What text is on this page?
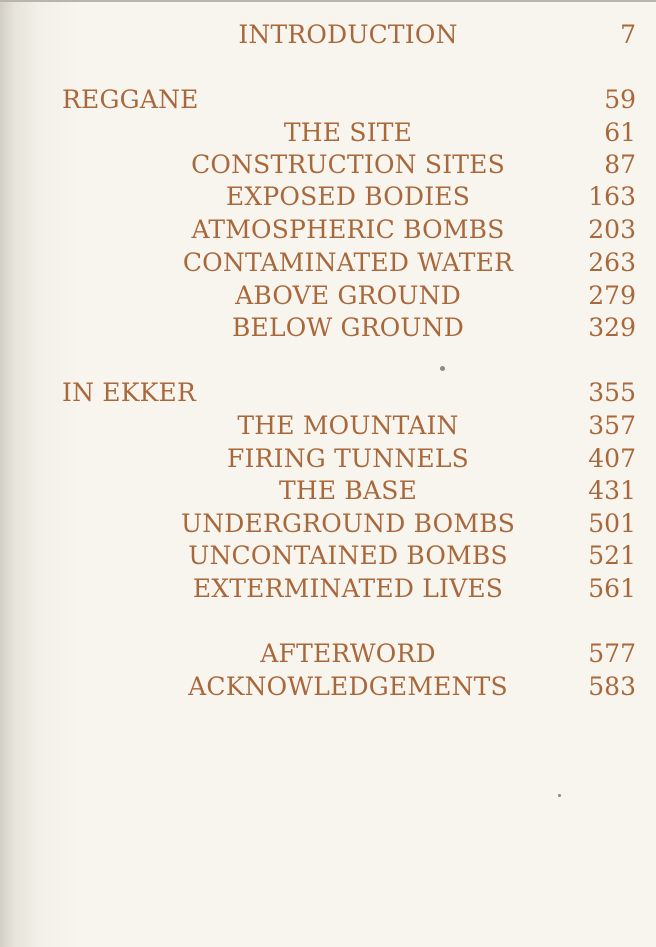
INTRODUCTION	7
REGGANE	59
THE SITE	61
CONSTRUCTION SITES	87
EXPOSED BODIES	163
ATMOSPHERIC BOMBS	203
CONTAMINATED WATER	263
ABOVE GROUND	279
BELOW GROUND	329
IN EKKER	355
THE MOUNTAIN	357
FIRING TUNNELS	407
THE BASE	431
UNDERGROUND BOMBS	501
UNCONTAINED BOMBS	521
EXTERMINATED LIVES	561
AFTERWORD	577
ACKNOWLEDGEMENTS	583
